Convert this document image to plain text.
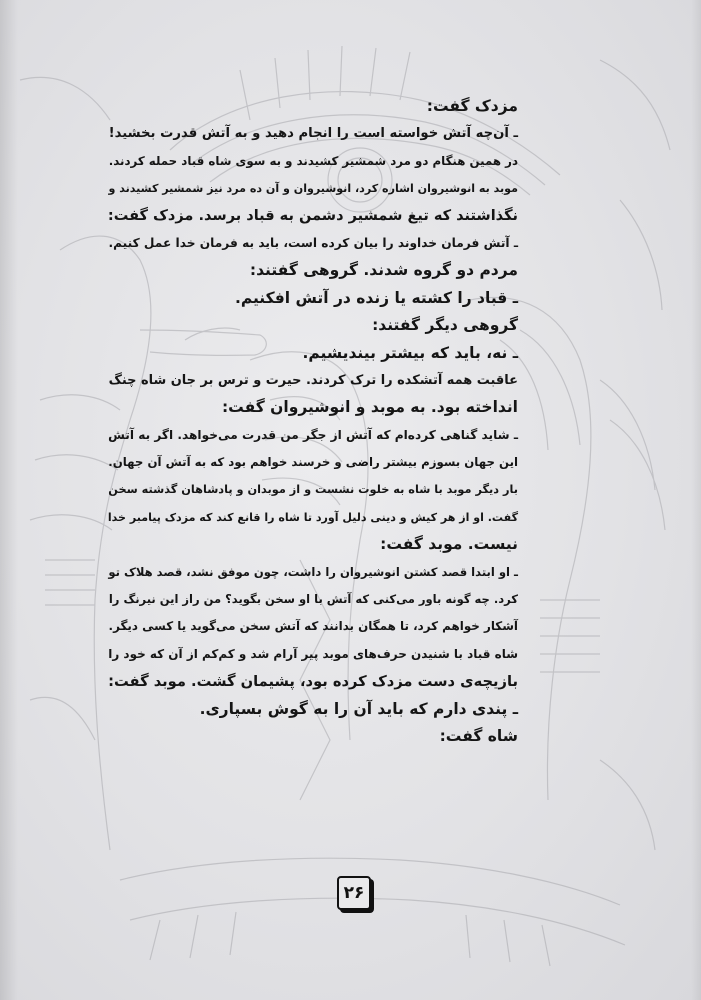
مزدک گفت:
ـ آن‌چه آتش خواسته است را انجام دهید و به آتش قدرت بخشید!
در همین هنگام دو مرد شمشیر کشیدند و به سوی شاه قباد حمله کردند.
موبد به انوشیروان اشاره کرد، انوشیروان و آن ده مرد نیز شمشیر کشیدند و
نگذاشتند که تیغ شمشیر دشمن به قباد برسد. مزدک گفت:
ـ آتش فرمان خداوند را بیان کرده است، باید به فرمان خدا عمل کنیم.
مردم دو گروه شدند. گروهی گفتند:
ـ قباد را کشته یا زنده در آتش افکنیم.
گروهی دیگر گفتند:
ـ نه، باید که بیشتر بیندیشیم.
عاقبت همه آتشکده را ترک کردند. حیرت و ترس بر جان شاه چنگ
انداخته بود. به موبد و انوشیروان گفت:
ـ شاید گناهی کرده‌ام که آتش از جگر من قدرت می‌خواهد. اگر به آتش
این جهان بسوزم بیشتر راضی و خرسند خواهم بود که به آتش آن جهان.
بار دیگر موبد با شاه به خلوت نشست و از موبدان و پادشاهان گذشته سخن
گفت. او از هر کیش و دینی دلیل آورد تا شاه را قانع کند که مزدک پیامبر خدا
نیست. موبد گفت:
ـ او ابتدا قصد کشتن انوشیروان را داشت، چون موفق نشد، قصد هلاک تو
کرد. چه گونه باور می‌کنی که آتش با او سخن بگوید؟ من راز این نیرنگ را
آشکار خواهم کرد، تا همگان بدانند که آتش سخن می‌گوید یا کسی دیگر.
شاه قباد با شنیدن حرف‌های موبد پیر آرام شد و کم‌کم از آن که خود را
بازیچه‌ی دست مزدک کرده بود، پشیمان گشت. موبد گفت:
ـ پندی دارم که باید آن را به گوش بسپاری.
شاه گفت:
۲۶
